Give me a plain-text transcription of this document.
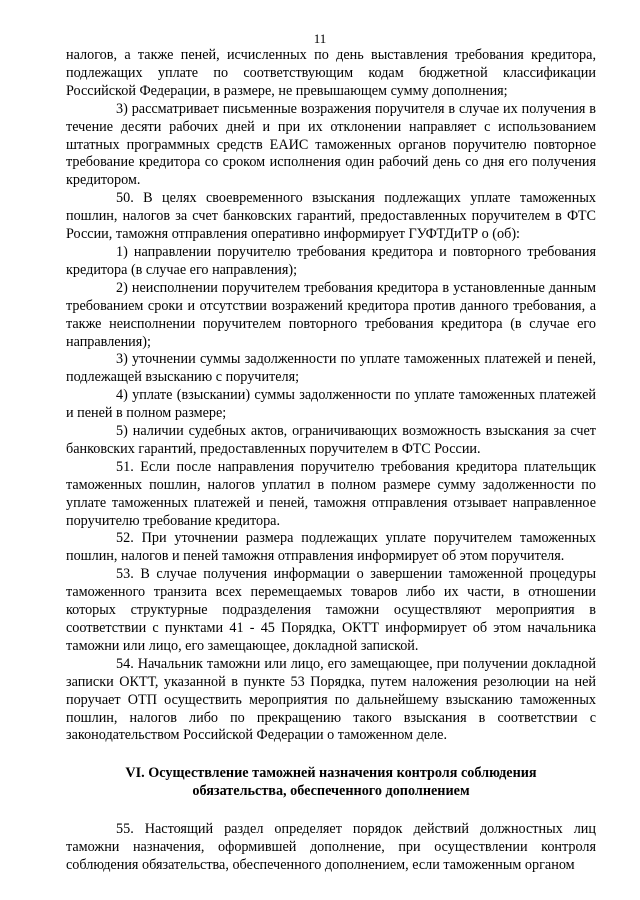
11

налогов, а также пеней, исчисленных по день выставления требования кредитора, подлежащих уплате по соответствующим кодам бюджетной классификации Российской Федерации, в размере, не превышающем сумму дополнения;

3) рассматривает письменные возражения поручителя в случае их получения в течение десяти рабочих дней и при их отклонении направляет с использованием штатных программных средств ЕАИС таможенных органов поручителю повторное требование кредитора со сроком исполнения один рабочий день со дня его получения кредитором.

50. В целях своевременного взыскания подлежащих уплате таможенных пошлин, налогов за счет банковских гарантий, предоставленных поручителем в ФТС России, таможня отправления оперативно информирует ГУФТДиТР о (об):

1) направлении поручителю требования кредитора и повторного требования кредитора (в случае его направления);

2) неисполнении поручителем требования кредитора в установленные данным требованием сроки и отсутствии возражений кредитора против данного требования, а также неисполнении поручителем повторного требования кредитора (в случае его направления);

3) уточнении суммы задолженности по уплате таможенных платежей и пеней, подлежащей взысканию с поручителя;

4) уплате (взыскании) суммы задолженности по уплате таможенных платежей и пеней в полном размере;

5) наличии судебных актов, ограничивающих возможность взыскания за счет банковских гарантий, предоставленных поручителем в ФТС России.

51. Если после направления поручителю требования кредитора плательщик таможенных пошлин, налогов уплатил в полном размере сумму задолженности по уплате таможенных платежей и пеней, таможня отправления отзывает направленное поручителю требование кредитора.

52. При уточнении размера подлежащих уплате поручителем таможенных пошлин, налогов и пеней таможня отправления информирует об этом поручителя.

53. В случае получения информации о завершении таможенной процедуры таможенного транзита всех перемещаемых товаров либо их части, в отношении которых структурные подразделения таможни осуществляют мероприятия в соответствии с пунктами 41 - 45 Порядка, ОКТТ информирует об этом начальника таможни или лицо, его замещающее, докладной запиской.

54. Начальник таможни или лицо, его замещающее, при получении докладной записки ОКТТ, указанной в пункте 53 Порядка, путем наложения резолюции на ней поручает ОТП осуществить мероприятия по дальнейшему взысканию таможенных пошлин, налогов либо по прекращению такого взыскания в соответствии с законодательством Российской Федерации о таможенном деле.

VI. Осуществление таможней назначения контроля соблюдения
обязательства, обеспеченного дополнением

55. Настоящий раздел определяет порядок действий должностных лиц таможни назначения, оформившей дополнение, при осуществлении контроля соблюдения обязательства, обеспеченного дополнением, если таможенным органом
